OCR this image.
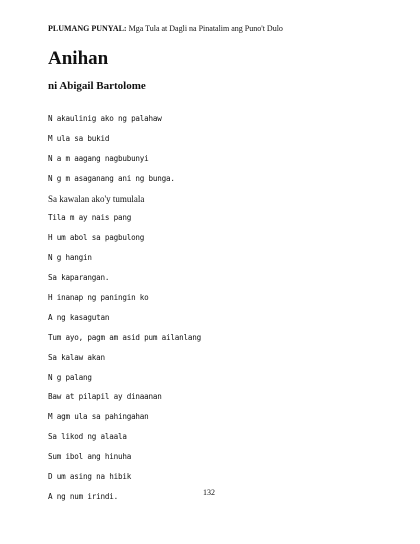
PLUMANG PUNYAL: Mga Tula at Dagli na Pinatalim ang Puno't Dulo
Anihan
ni Abigail Bartolome
N akaulinig ako ng palahaw
M ula sa bukid
N a m aagang nagbubunyi
N g m asaganang ani ng bunga.
Sa kawalan ako'y tumulala
Tila m ay nais pang
H um abol sa pagbulong
N g hangin
Sa kaparangan.
H inanap ng paningin ko
A ng kasagutan
Tum ayo, pagm am asid pum ailanlang
Sa kalaw akan
N g palang
Baw at pilapil ay dinaanan
M agm ula sa pahingahan
Sa likod ng alaala
Sum ibol ang hinuha
D um asing na hibik
A ng num irindi.	132
